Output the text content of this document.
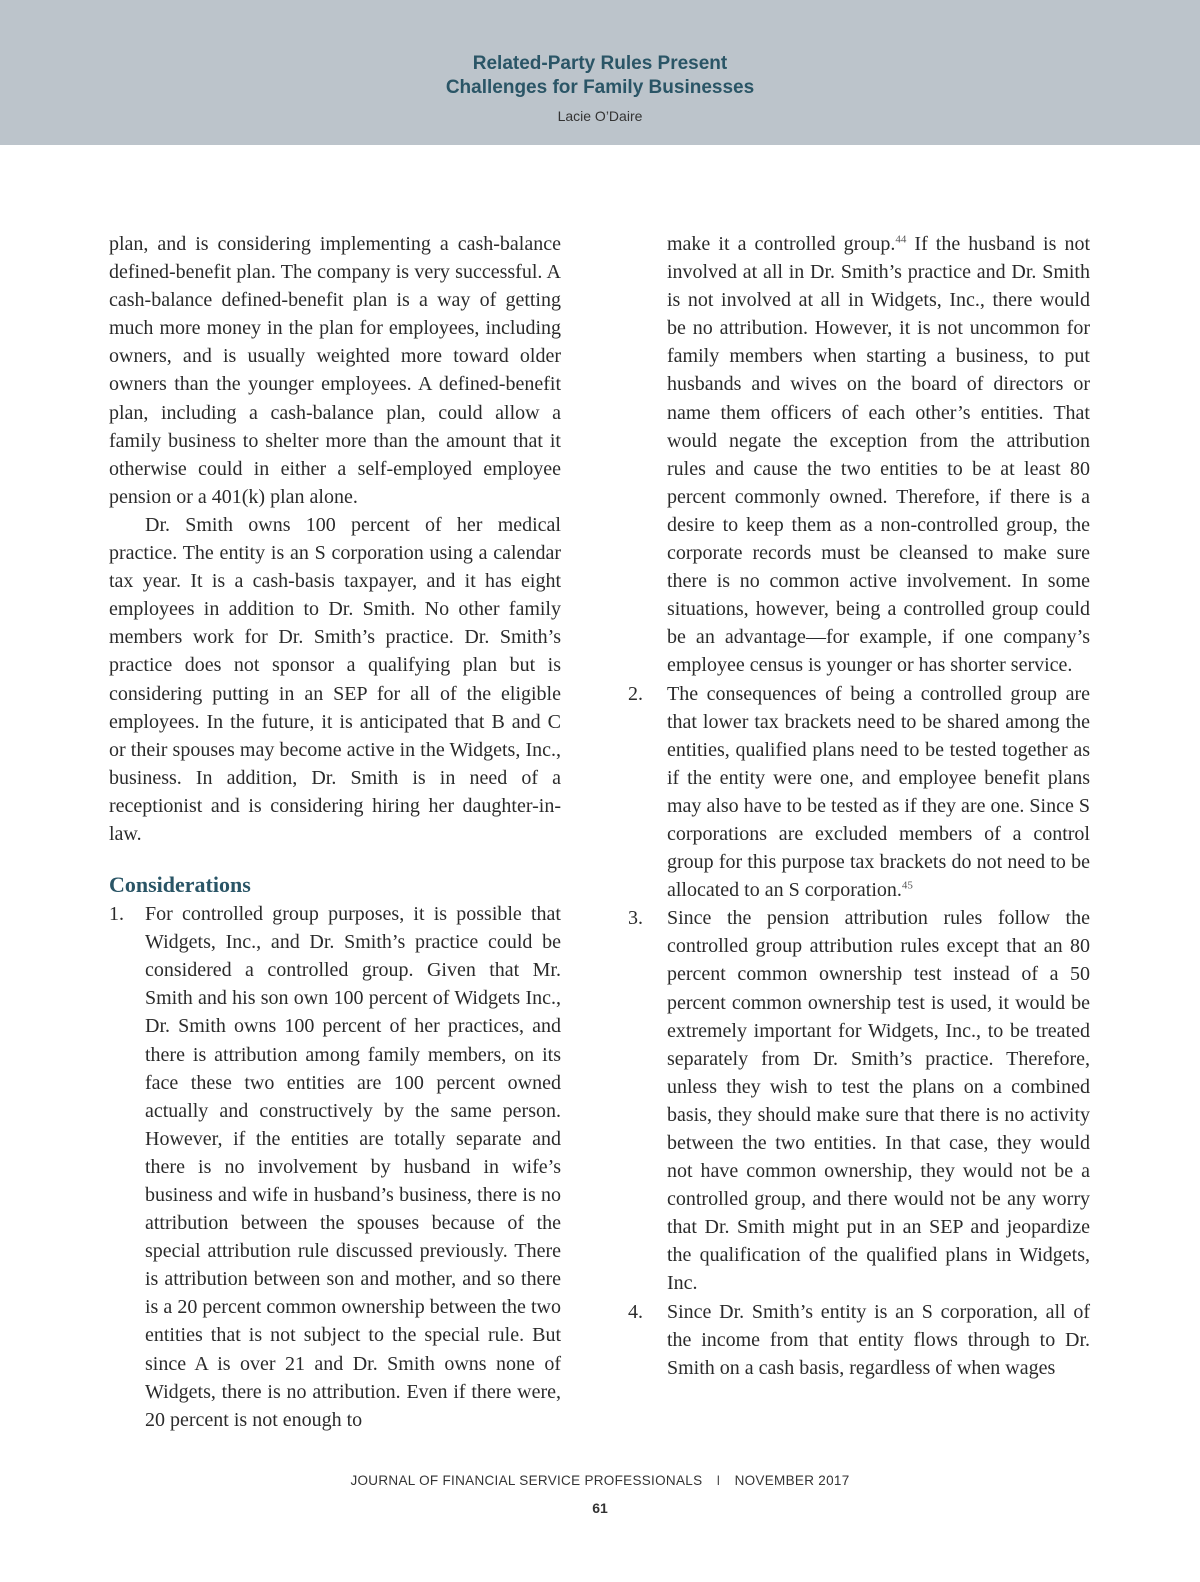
Related-Party Rules Present
Challenges for Family Businesses
Lacie O’Daire

plan, and is considering implementing a cash-balance defined-benefit plan. The company is very successful. A cash-balance defined-benefit plan is a way of getting much more money in the plan for employees, including owners, and is usually weighted more toward older owners than the younger employees. A defined-benefit plan, including a cash-balance plan, could allow a family business to shelter more than the amount that it otherwise could in either a self-employed employee pension or a 401(k) plan alone.

Dr. Smith owns 100 percent of her medical practice. The entity is an S corporation using a calendar tax year. It is a cash-basis taxpayer, and it has eight employees in addition to Dr. Smith. No other family members work for Dr. Smith’s practice. Dr. Smith’s practice does not sponsor a qualifying plan but is considering putting in an SEP for all of the eligible employees. In the future, it is anticipated that B and C or their spouses may become active in the Widgets, Inc., business. In addition, Dr. Smith is in need of a receptionist and is considering hiring her daughter-in-law.

Considerations
1. For controlled group purposes, it is possible that Widgets, Inc., and Dr. Smith’s practice could be considered a controlled group. Given that Mr. Smith and his son own 100 percent of Widgets Inc., Dr. Smith owns 100 percent of her practices, and there is attribution among family members, on its face these two entities are 100 percent owned actually and constructively by the same person. However, if the entities are totally separate and there is no involvement by husband in wife’s business and wife in husband’s business, there is no attribution between the spouses because of the special attribution rule discussed previously. There is attribution between son and mother, and so there is a 20 percent common ownership between the two entities that is not subject to the special rule. But since A is over 21 and Dr. Smith owns none of Widgets, there is no attribution. Even if there were, 20 percent is not enough to
make it a controlled group.$^{44}$ If the husband is not involved at all in Dr. Smith’s practice and Dr. Smith is not involved at all in Widgets, Inc., there would be no attribution. However, it is not uncommon for family members when starting a business, to put husbands and wives on the board of directors or name them officers of each other’s entities. That would negate the exception from the attribution rules and cause the two entities to be at least 80 percent commonly owned. Therefore, if there is a desire to keep them as a non-controlled group, the corporate records must be cleansed to make sure there is no common active involvement. In some situations, however, being a controlled group could be an advantage—for example, if one company’s employee census is younger or has shorter service.
2. The consequences of being a controlled group are that lower tax brackets need to be shared among the entities, qualified plans need to be tested together as if the entity were one, and employee benefit plans may also have to be tested as if they are one. Since S corporations are excluded members of a control group for this purpose tax brackets do not need to be allocated to an S corporation.$^{45}$
3. Since the pension attribution rules follow the controlled group attribution rules except that an 80 percent common ownership test instead of a 50 percent common ownership test is used, it would be extremely important for Widgets, Inc., to be treated separately from Dr. Smith’s practice. Therefore, unless they wish to test the plans on a combined basis, they should make sure that there is no activity between the two entities. In that case, they would not have common ownership, they would not be a controlled group, and there would not be any worry that Dr. Smith might put in an SEP and jeopardize the qualification of the qualified plans in Widgets, Inc.
4. Since Dr. Smith’s entity is an S corporation, all of the income from that entity flows through to Dr. Smith on a cash basis, regardless of when wages
JOURNAL OF FINANCIAL SERVICE PROFESSIONALS I NOVEMBER 2017
61
